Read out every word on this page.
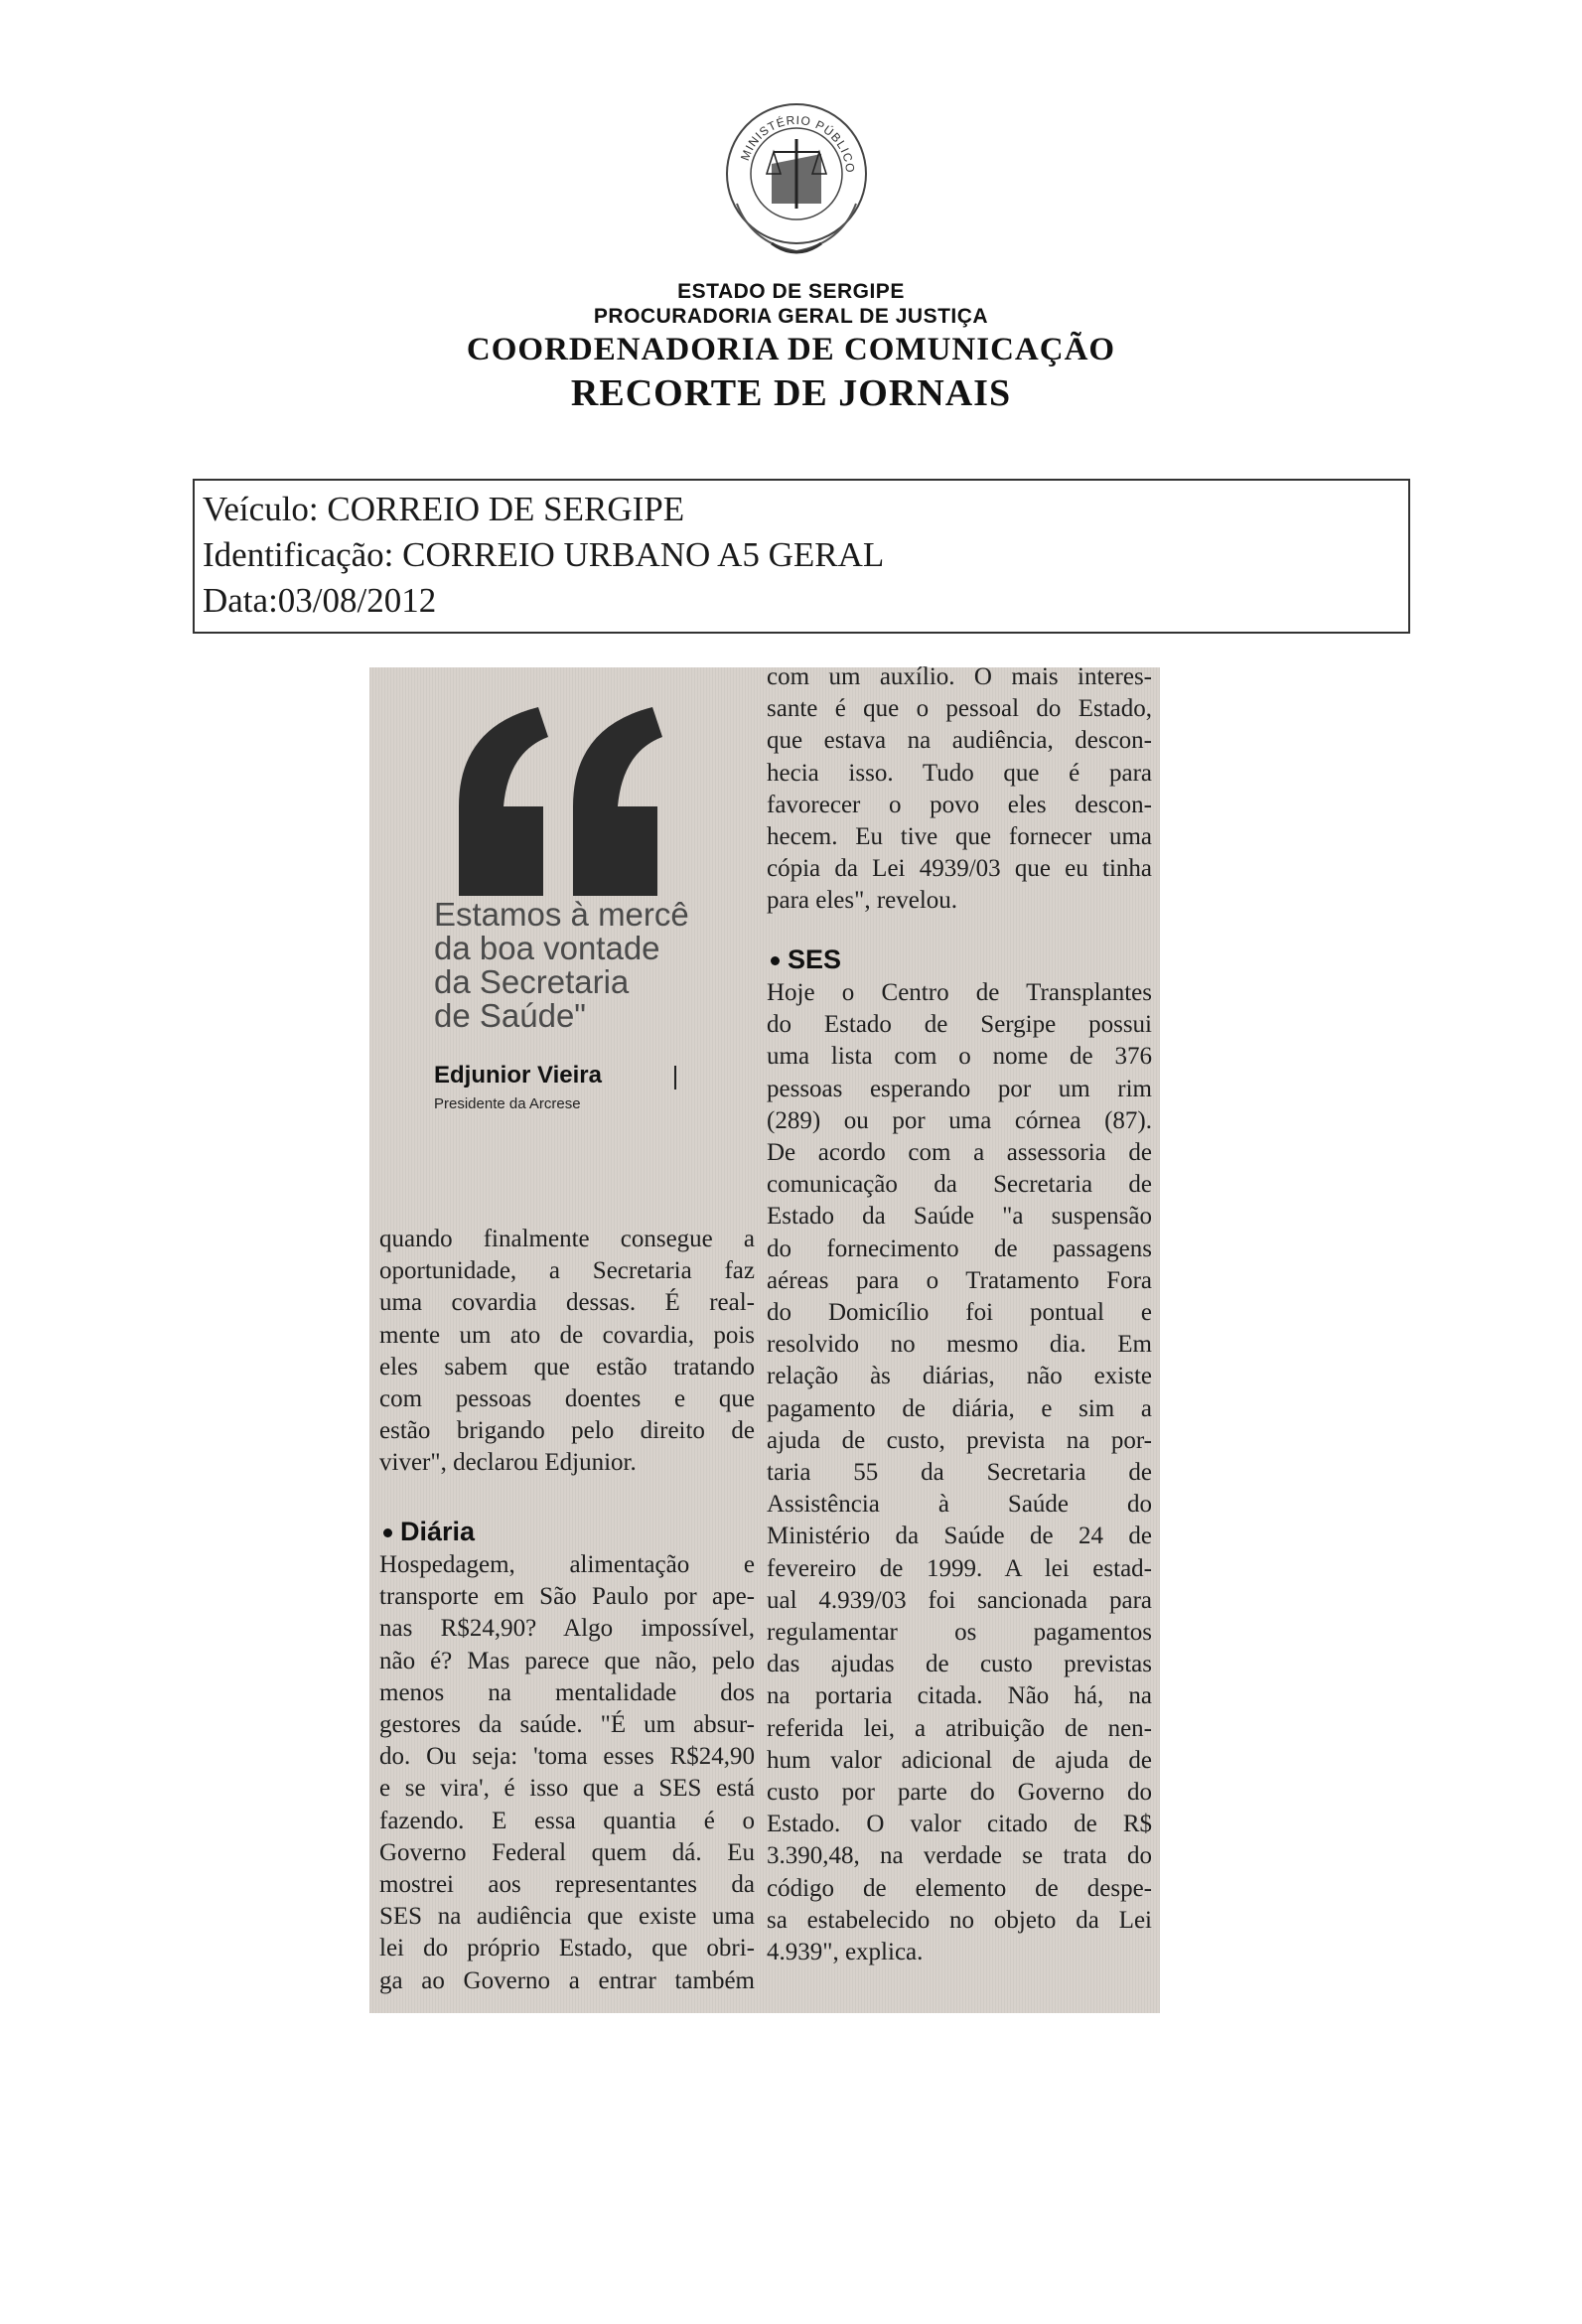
MINISTÉRIO PÚBLICO
ESTADO DE SERGIPE
PROCURADORIA GERAL DE JUSTIÇA
COORDENADORIA DE COMUNICAÇÃO
RECORTE DE JORNAIS
Veículo: CORREIO DE SERGIPE
Identificação: CORREIO URBANO A5 GERAL
Data:03/08/2012
Estamos à mercê
da boa vontade
da Secretaria
de Saúde"
Edjunior Vieira
Presidente da Arcrese
quando finalmente consegue a
oportunidade, a Secretaria faz
uma covardia dessas. É real-
mente um ato de covardia, pois
eles sabem que estão tratando
com pessoas doentes e que
estão brigando pelo direito de
viver", declarou Edjunior.
Diária
Hospedagem, alimentação e
transporte em São Paulo por ape-
nas R$24,90? Algo impossível,
não é? Mas parece que não, pelo
menos na mentalidade dos
gestores da saúde. "É um absur-
do. Ou seja: 'toma esses R$24,90
e se vira', é isso que a SES está
fazendo. E essa quantia é o
Governo Federal quem dá. Eu
mostrei aos representantes da
SES na audiência que existe uma
lei do próprio Estado, que obri-
ga ao Governo a entrar também
com um auxílio. O mais interes-
sante é que o pessoal do Estado,
que estava na audiência, descon-
hecia isso. Tudo que é para
favorecer o povo eles descon-
hecem. Eu tive que fornecer uma
cópia da Lei 4939/03 que eu tinha
para eles", revelou.
SES
Hoje o Centro de Transplantes
do Estado de Sergipe possui
uma lista com o nome de 376
pessoas esperando por um rim
(289) ou por uma córnea (87).
De acordo com a assessoria de
comunicação da Secretaria de
Estado da Saúde "a suspensão
do fornecimento de passagens
aéreas para o Tratamento Fora
do Domicílio foi pontual e
resolvido no mesmo dia. Em
relação às diárias, não existe
pagamento de diária, e sim a
ajuda de custo, prevista na por-
taria 55 da Secretaria de
Assistência à Saúde do
Ministério da Saúde de 24 de
fevereiro de 1999. A lei estad-
ual 4.939/03 foi sancionada para
regulamentar os pagamentos
das ajudas de custo previstas
na portaria citada. Não há, na
referida lei, a atribuição de nen-
hum valor adicional de ajuda de
custo por parte do Governo do
Estado. O valor citado de R$
3.390,48, na verdade se trata do
código de elemento de despe-
sa estabelecido no objeto da Lei
4.939", explica.
